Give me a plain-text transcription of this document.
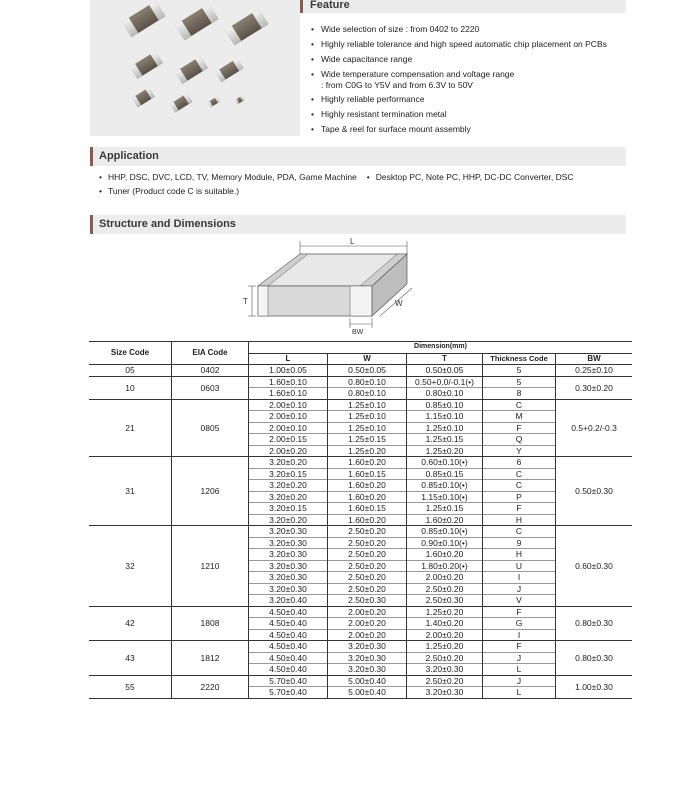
Feature
• Wide selection of size : from 0402 to 2220
• Highly reliable tolerance and high speed automatic chip placement on PCBs
• Wide capacitance range
• Wide temperature compensation and voltage range
: from C0G to Y5V and from 6.3V to 50V
• Highly reliable performance
• Highly resistant termination metal
• Tape & reel for surface mount assembly
Application
• HHP, DSC, DVC, LCD, TV, Memory Module, PDA, Game Machine • Desktop PC, Note PC, HHP, DC-DC Converter, DSC
• Tuner (Product code C is suitable.)
Structure and Dimensions
L
T	W
BW
Size Code	EIA Code	Dimension(mm)				
		L	W	T	Thickness Code	BW
05	0402	1.00±0.05	0.50±0.05	0.50±0.05	5	0.25±0.10
10	0603	1.60±0.10	0.80±0.10	0.50+0.0/-0.1(•)	5	0.30±0.20
		1.60±0.10	0.80±0.10	0.80±0.10	8	
21	0805	2.00±0.10	1.25±0.10	0.85±0.10	C	0.5+0.2/-0.3
		2.00±0.10	1.25±0.10	1.15±0.10	M	
		2.00±0.10	1.25±0.10	1.25±0.10	F	
		2.00±0.15	1.25±0.15	1.25±0.15	Q	
		2.00±0.20	1.25±0.20	1.25±0.20	Y	
31	1206	3.20±0.20	1.60±0.20	0.60±0.10(•)	6	0.50±0.30
		3.20±0.15	1.60±0.15	0.85±0.15	C	
		3.20±0.20	1.60±0.20	0.85±0.10(•)	C	
		3.20±0.20	1.60±0.20	1.15±0.10(•)	P	
		3.20±0.15	1.60±0.15	1.25±0.15	F	
		3.20±0.20	1.60±0.20	1.60±0.20	H	
32	1210	3.20±0.30	2.50±0.20	0.85±0.10(•)	C	0.60±0.30
		3.20±0.30	2.50±0.20	0.90±0.10(•)	9	
		3.20±0.30	2.50±0.20	1.60±0.20	H	
		3.20±0.30	2.50±0.20	1.80±0.20(•)	U	
		3.20±0.30	2.50±0.20	2.00±0.20	I	
		3.20±0.30	2.50±0.20	2.50±0.20	J	
		3.20±0.40	2.50±0.30	2.50±0.30	V	
42	1808	4.50±0.40	2.00±0.20	1.25±0.20	F	0.80±0.30
		4.50±0.40	2.00±0.20	1.40±0.20	G	
		4.50±0.40	2.00±0.20	2.00±0.20	I	
43	1812	4.50±0.40	3.20±0.30	1.25±0.20	F	0.80±0.30
		4.50±0.40	3.20±0.30	2.50±0.20	J	
		4.50±0.40	3.20±0.30	3.20±0.30	L	
55	2220	5.70±0.40	5.00±0.40	2.50±0.20	J	1.00±0.30
		5.70±0.40	5.00±0.40	3.20±0.30	L	
